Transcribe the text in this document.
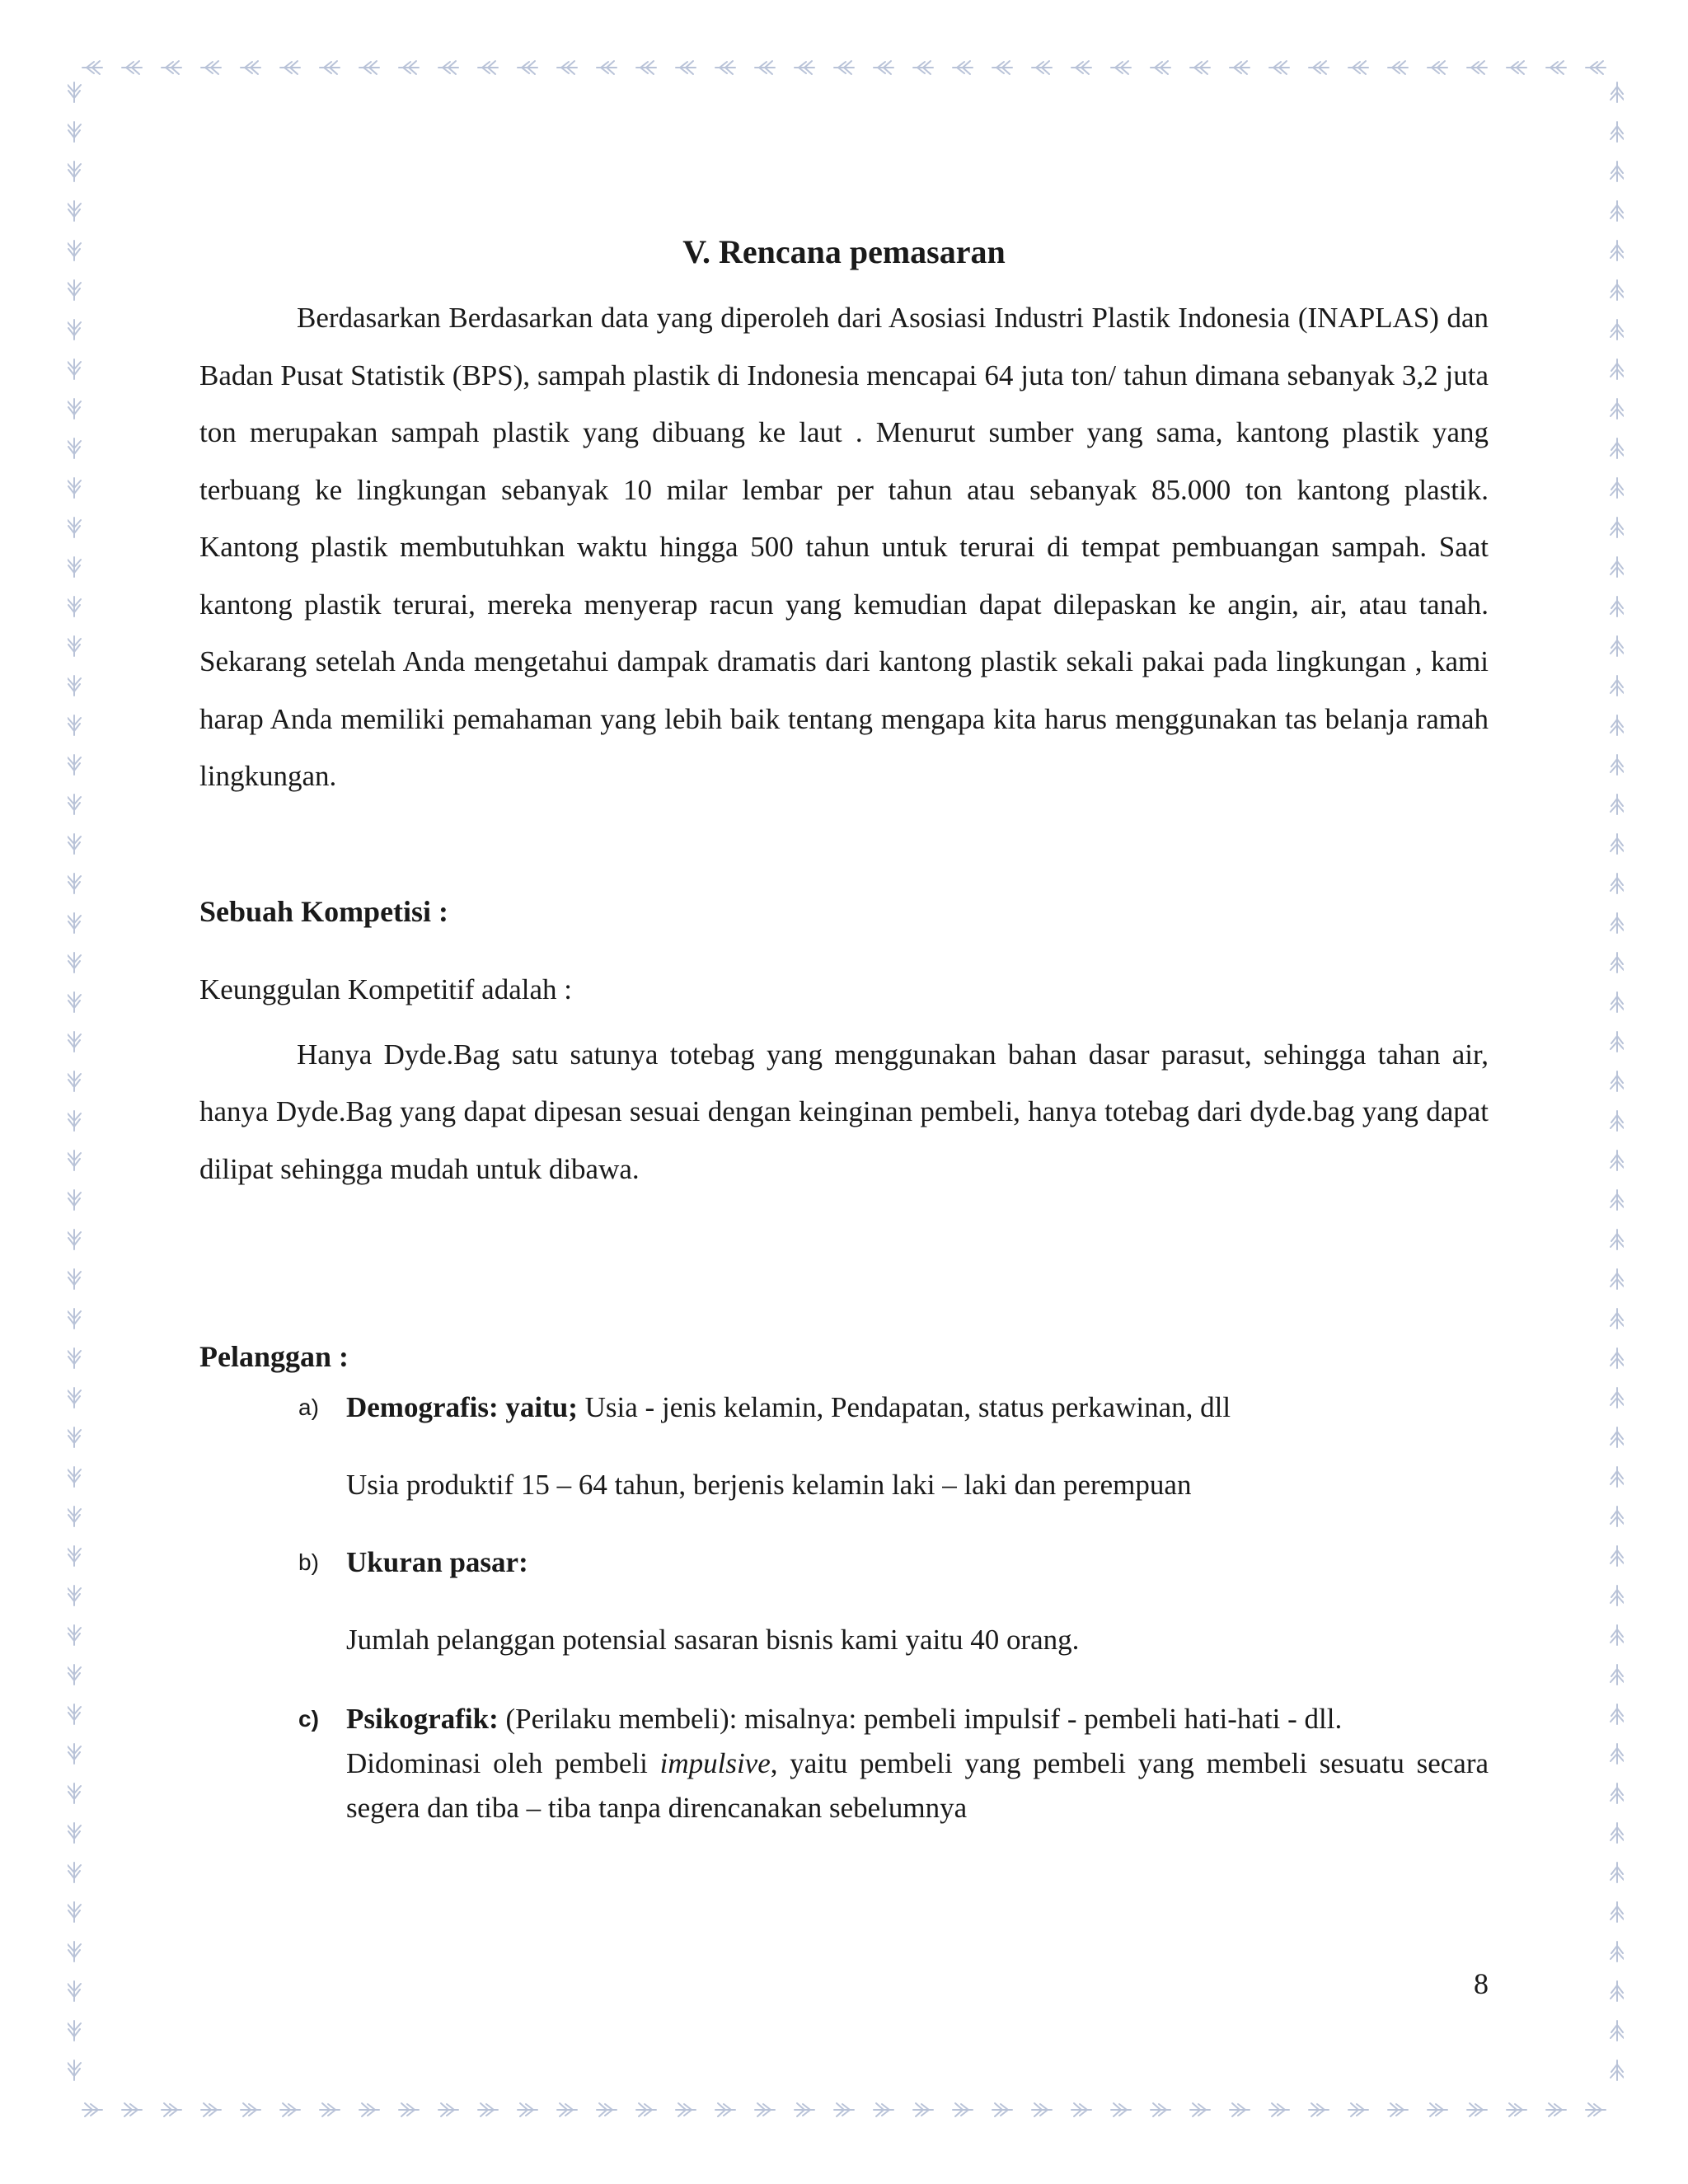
V. Rencana pemasaran

Berdasarkan Berdasarkan data yang diperoleh dari Asosiasi Industri Plastik Indonesia (INAPLAS) dan Badan Pusat Statistik (BPS), sampah plastik di Indonesia mencapai 64 juta ton/ tahun dimana sebanyak 3,2 juta ton merupakan sampah plastik yang dibuang ke laut . Menurut sumber yang sama, kantong plastik yang terbuang ke lingkungan sebanyak 10 milar lembar per tahun atau sebanyak 85.000 ton kantong plastik. Kantong plastik membutuhkan waktu hingga 500 tahun untuk terurai di tempat pembuangan sampah. Saat kantong plastik terurai, mereka menyerap racun yang kemudian dapat dilepaskan ke angin, air, atau tanah. Sekarang setelah Anda mengetahui dampak dramatis dari kantong plastik sekali pakai pada lingkungan , kami harap Anda memiliki pemahaman yang lebih baik tentang mengapa kita harus menggunakan tas belanja ramah lingkungan.

Sebuah Kompetisi :

Keunggulan Kompetitif adalah :

Hanya Dyde.Bag satu satunya totebag yang menggunakan bahan dasar parasut, sehingga tahan air, hanya Dyde.Bag yang dapat dipesan sesuai dengan keinginan pembeli, hanya totebag dari dyde.bag yang dapat dilipat sehingga mudah untuk dibawa.

Pelanggan :

a) Demografis: yaitu; Usia - jenis kelamin, Pendapatan, status perkawinan, dll

Usia produktif 15 – 64 tahun, berjenis kelamin laki – laki dan perempuan

b) Ukuran pasar:

Jumlah pelanggan potensial sasaran bisnis kami yaitu 40 orang.

c) Psikografik: (Perilaku membeli): misalnya: pembeli impulsif - pembeli hati-hati - dll.

Didominasi oleh pembeli impulsive, yaitu pembeli yang pembeli yang membeli sesuatu secara segera dan tiba – tiba tanpa direncanakan sebelumnya

8
